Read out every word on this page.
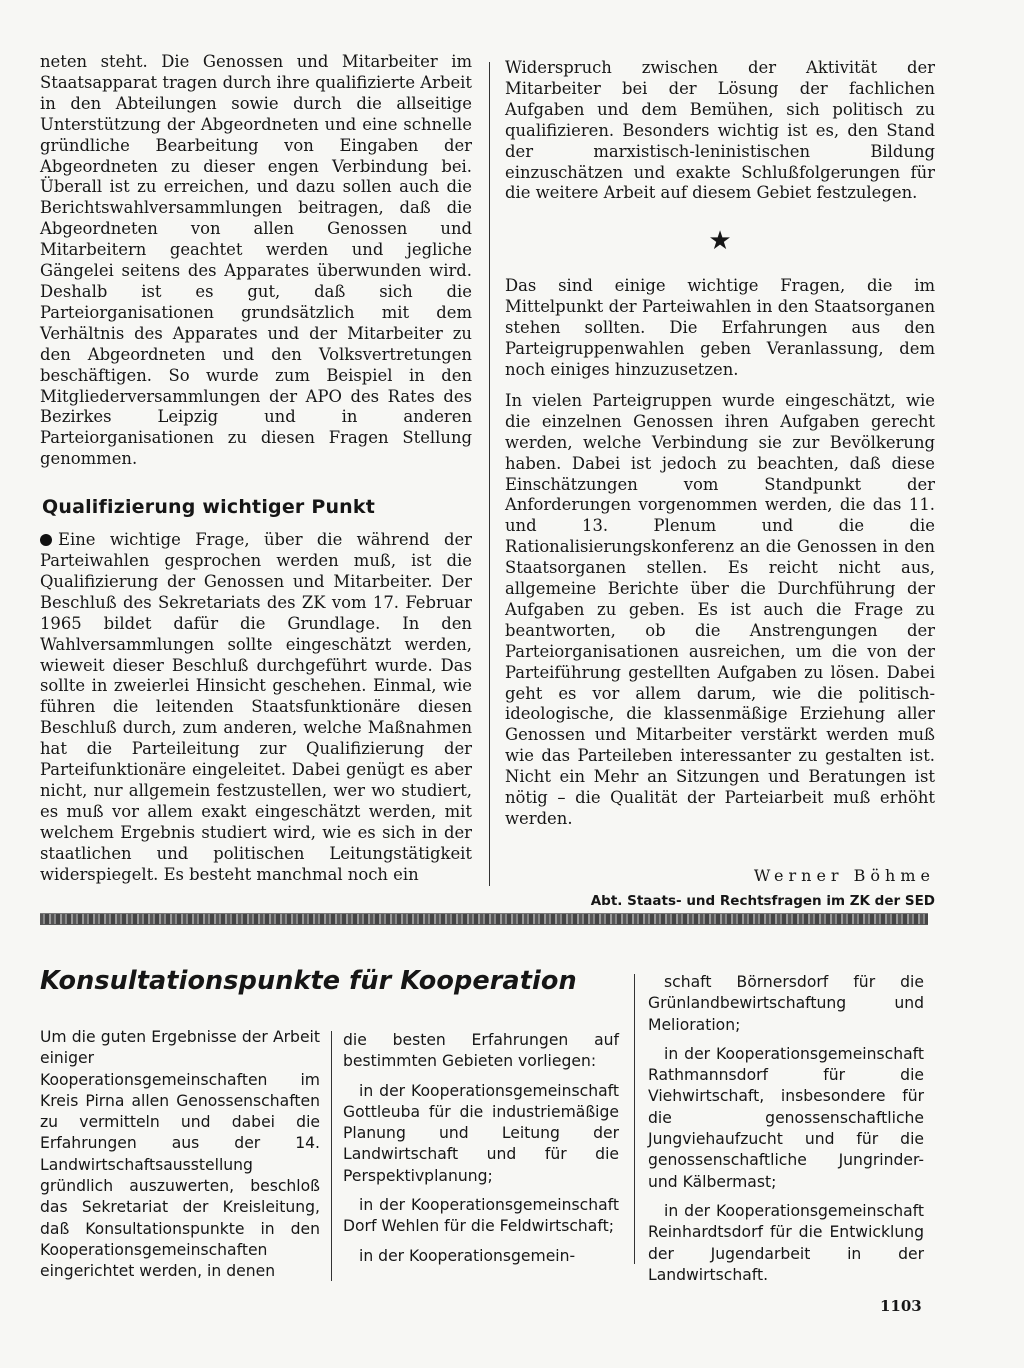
neten steht. Die Genossen und Mitarbeiter im Staatsapparat tragen durch ihre qualifizierte Arbeit in den Abteilungen sowie durch die allseitige Unterstützung der Abgeordneten und eine schnelle gründliche Bearbeitung von Eingaben der Abgeordneten zu dieser engen Verbindung bei. Überall ist zu erreichen, und dazu sollen auch die Berichtswahlversammlungen beitragen, daß die Abgeordneten von allen Genossen und Mitarbeitern geachtet werden und jegliche Gängelei seitens des Apparates überwunden wird. Deshalb ist es gut, daß sich die Parteiorganisationen grundsätzlich mit dem Verhältnis des Apparates und der Mitarbeiter zu den Abgeordneten und den Volksvertretungen beschäftigen. So wurde zum Beispiel in den Mitgliederversammlungen der APO des Rates des Bezirkes Leipzig und in anderen Parteiorganisationen zu diesen Fragen Stellung genommen.

Qualifizierung wichtiger Punkt

Eine wichtige Frage, über die während der Parteiwahlen gesprochen werden muß, ist die Qualifizierung der Genossen und Mitarbeiter. Der Beschluß des Sekretariats des ZK vom 17. Februar 1965 bildet dafür die Grundlage. In den Wahlversammlungen sollte eingeschätzt werden, wieweit dieser Beschluß durchgeführt wurde. Das sollte in zweierlei Hinsicht geschehen. Einmal, wie führen die leitenden Staatsfunktionäre diesen Beschluß durch, zum anderen, welche Maßnahmen hat die Parteileitung zur Qualifizierung der Parteifunktionäre eingeleitet. Dabei genügt es aber nicht, nur allgemein festzustellen, wer wo studiert, es muß vor allem exakt eingeschätzt werden, mit welchem Ergebnis studiert wird, wie es sich in der staatlichen und politischen Leitungstätigkeit widerspiegelt. Es besteht manchmal noch ein

Widerspruch zwischen der Aktivität der Mitarbeiter bei der Lösung der fachlichen Aufgaben und dem Bemühen, sich politisch zu qualifizieren. Besonders wichtig ist es, den Stand der marxistisch-leninistischen Bildung einzuschätzen und exakte Schlußfolgerungen für die weitere Arbeit auf diesem Gebiet festzulegen.

★

Das sind einige wichtige Fragen, die im Mittelpunkt der Parteiwahlen in den Staatsorganen stehen sollten. Die Erfahrungen aus den Parteigruppenwahlen geben Veranlassung, dem noch einiges hinzuzusetzen.

In vielen Parteigruppen wurde eingeschätzt, wie die einzelnen Genossen ihren Aufgaben gerecht werden, welche Verbindung sie zur Bevölkerung haben. Dabei ist jedoch zu beachten, daß diese Einschätzungen vom Standpunkt der Anforderungen vorgenommen werden, die das 11. und 13. Plenum und die die Rationalisierungskonferenz an die Genossen in den Staatsorganen stellen. Es reicht nicht aus, allgemeine Berichte über die Durchführung der Aufgaben zu geben. Es ist auch die Frage zu beantworten, ob die Anstrengungen der Parteiorganisationen ausreichen, um die von der Parteiführung gestellten Aufgaben zu lösen. Dabei geht es vor allem darum, wie die politisch-ideologische, die klassenmäßige Erziehung aller Genossen und Mitarbeiter verstärkt werden muß wie das Parteileben interessanter zu gestalten ist. Nicht ein Mehr an Sitzungen und Beratungen ist nötig – die Qualität der Parteiarbeit muß erhöht werden.

Werner Böhme
Abt. Staats- und Rechtsfragen im ZK der SED
Konsultationspunkte für Kooperation

Um die guten Ergebnisse der Arbeit einiger Kooperationsgemeinschaften im Kreis Pirna allen Genossenschaften zu vermitteln und dabei die Erfahrungen aus der 14. Landwirtschaftsausstellung gründlich auszuwerten, beschloß das Sekretariat der Kreisleitung, daß Konsultationspunkte in den Kooperationsgemeinschaften eingerichtet werden, in denen

die besten Erfahrungen auf bestimmten Gebieten vorliegen:

in der Kooperationsgemeinschaft Gottleuba für die industriemäßige Planung und Leitung der Landwirtschaft und für die Perspektivplanung;

in der Kooperationsgemeinschaft Dorf Wehlen für die Feldwirtschaft;

in der Kooperationsgemein-

schaft Börnersdorf für die Grünlandbewirtschaftung und Melioration;

in der Kooperationsgemeinschaft Rathmannsdorf für die Viehwirtschaft, insbesondere für die genossenschaftliche Jungviehaufzucht und für die genossenschaftliche Jungrinder- und Kälbermast;

in der Kooperationsgemeinschaft Reinhardtsdorf für die Entwicklung der Jugendarbeit in der Landwirtschaft.

1103
